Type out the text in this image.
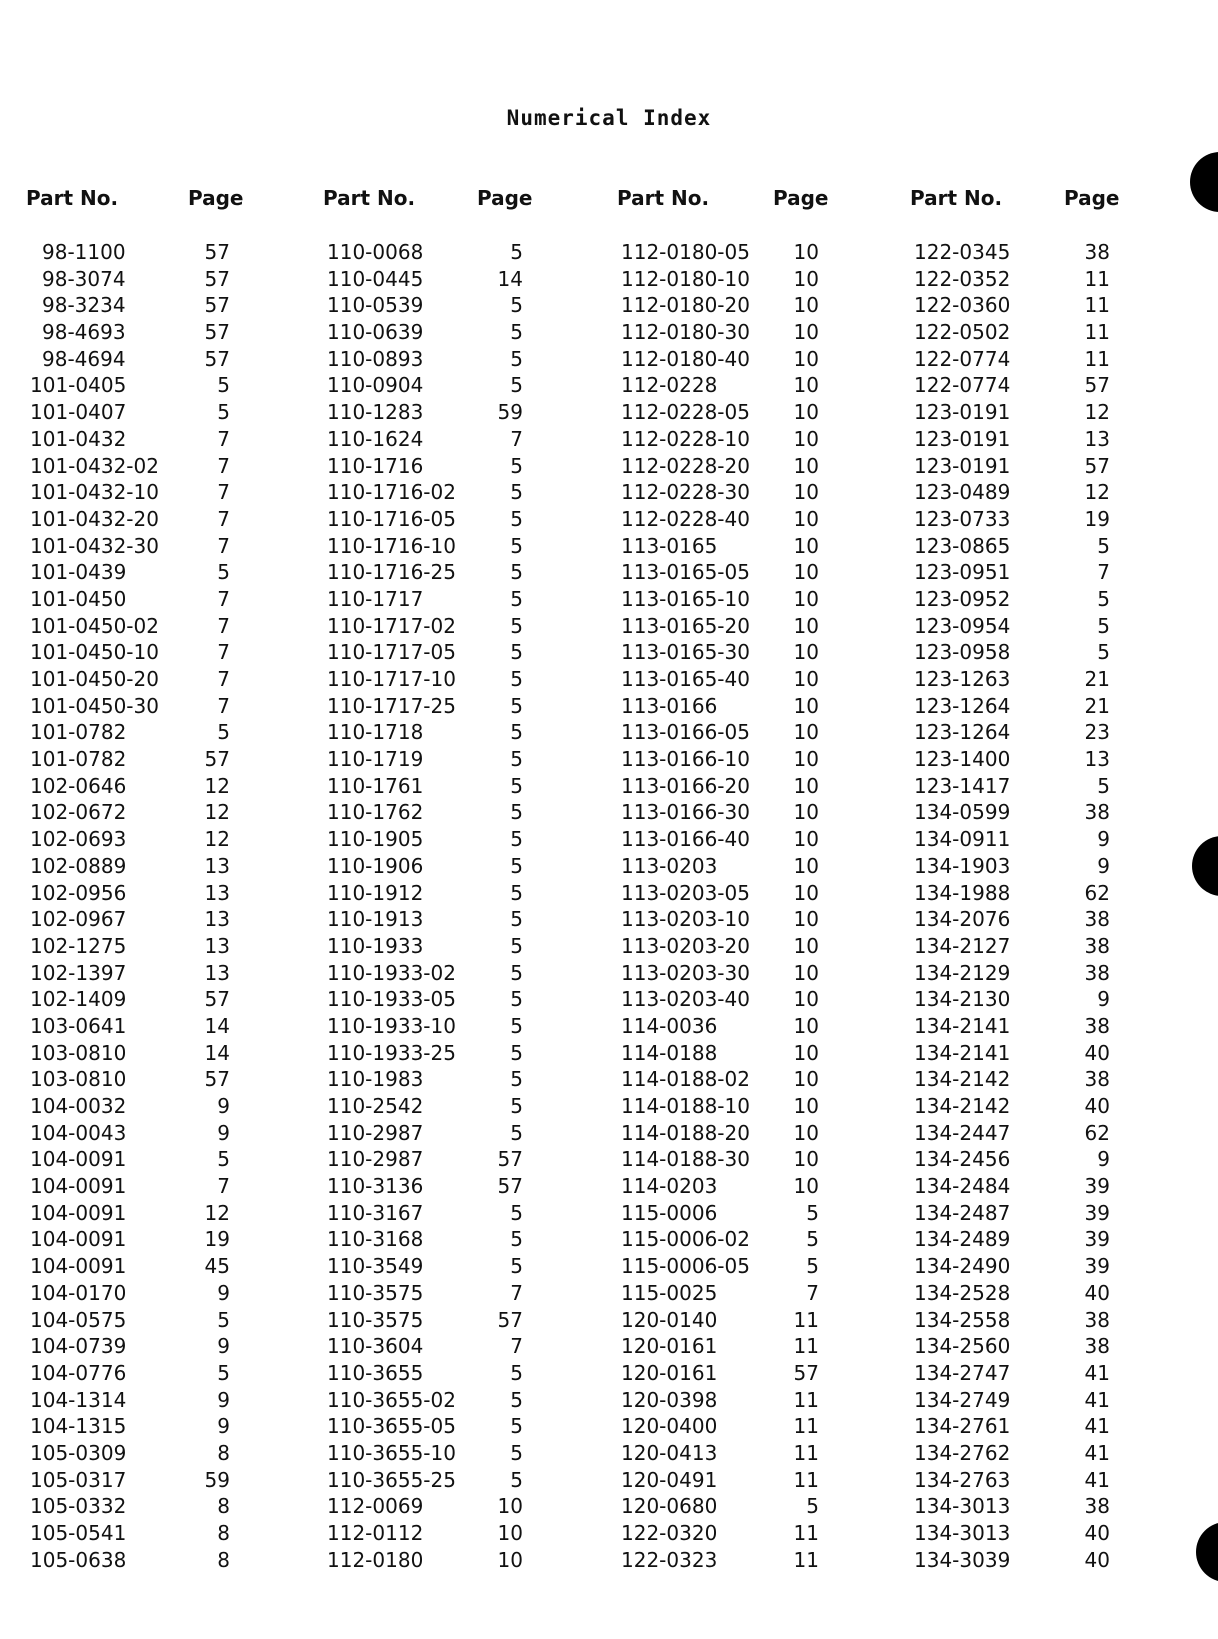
Numerical Index
Part No.	Page
98-1100	57
98-3074	57
98-3234	57
98-4693	57
98-4694	57
101-0405	5
101-0407	5
101-0432	7
101-0432-02	7
101-0432-10	7
101-0432-20	7
101-0432-30	7
101-0439	5
101-0450	7
101-0450-02	7
101-0450-10	7
101-0450-20	7
101-0450-30	7
101-0782	5
101-0782	57
102-0646	12
102-0672	12
102-0693	12
102-0889	13
102-0956	13
102-0967	13
102-1275	13
102-1397	13
102-1409	57
103-0641	14
103-0810	14
103-0810	57
104-0032	9
104-0043	9
104-0091	5
104-0091	7
104-0091	12
104-0091	19
104-0091	45
104-0170	9
104-0575	5
104-0739	9
104-0776	5
104-1314	9
104-1315	9
105-0309	8
105-0317	59
105-0332	8
105-0541	8
105-0638	8
Part No.	Page
110-0068	5
110-0445	14
110-0539	5
110-0639	5
110-0893	5
110-0904	5
110-1283	59
110-1624	7
110-1716	5
110-1716-02	5
110-1716-05	5
110-1716-10	5
110-1716-25	5
110-1717	5
110-1717-02	5
110-1717-05	5
110-1717-10	5
110-1717-25	5
110-1718	5
110-1719	5
110-1761	5
110-1762	5
110-1905	5
110-1906	5
110-1912	5
110-1913	5
110-1933	5
110-1933-02	5
110-1933-05	5
110-1933-10	5
110-1933-25	5
110-1983	5
110-2542	5
110-2987	5
110-2987	57
110-3136	57
110-3167	5
110-3168	5
110-3549	5
110-3575	7
110-3575	57
110-3604	7
110-3655	5
110-3655-02	5
110-3655-05	5
110-3655-10	5
110-3655-25	5
112-0069	10
112-0112	10
112-0180	10
Part No.	Page
112-0180-05	10
112-0180-10	10
112-0180-20	10
112-0180-30	10
112-0180-40	10
112-0228	10
112-0228-05	10
112-0228-10	10
112-0228-20	10
112-0228-30	10
112-0228-40	10
113-0165	10
113-0165-05	10
113-0165-10	10
113-0165-20	10
113-0165-30	10
113-0165-40	10
113-0166	10
113-0166-05	10
113-0166-10	10
113-0166-20	10
113-0166-30	10
113-0166-40	10
113-0203	10
113-0203-05	10
113-0203-10	10
113-0203-20	10
113-0203-30	10
113-0203-40	10
114-0036	10
114-0188	10
114-0188-02	10
114-0188-10	10
114-0188-20	10
114-0188-30	10
114-0203	10
115-0006	5
115-0006-02	5
115-0006-05	5
115-0025	7
120-0140	11
120-0161	11
120-0161	57
120-0398	11
120-0400	11
120-0413	11
120-0491	11
120-0680	5
122-0320	11
122-0323	11
Part No.	Page
122-0345	38
122-0352	11
122-0360	11
122-0502	11
122-0774	11
122-0774	57
123-0191	12
123-0191	13
123-0191	57
123-0489	12
123-0733	19
123-0865	5
123-0951	7
123-0952	5
123-0954	5
123-0958	5
123-1263	21
123-1264	21
123-1264	23
123-1400	13
123-1417	5
134-0599	38
134-0911	9
134-1903	9
134-1988	62
134-2076	38
134-2127	38
134-2129	38
134-2130	9
134-2141	38
134-2141	40
134-2142	38
134-2142	40
134-2447	62
134-2456	9
134-2484	39
134-2487	39
134-2489	39
134-2490	39
134-2528	40
134-2558	38
134-2560	38
134-2747	41
134-2749	41
134-2761	41
134-2762	41
134-2763	41
134-3013	38
134-3013	40
134-3039	40
